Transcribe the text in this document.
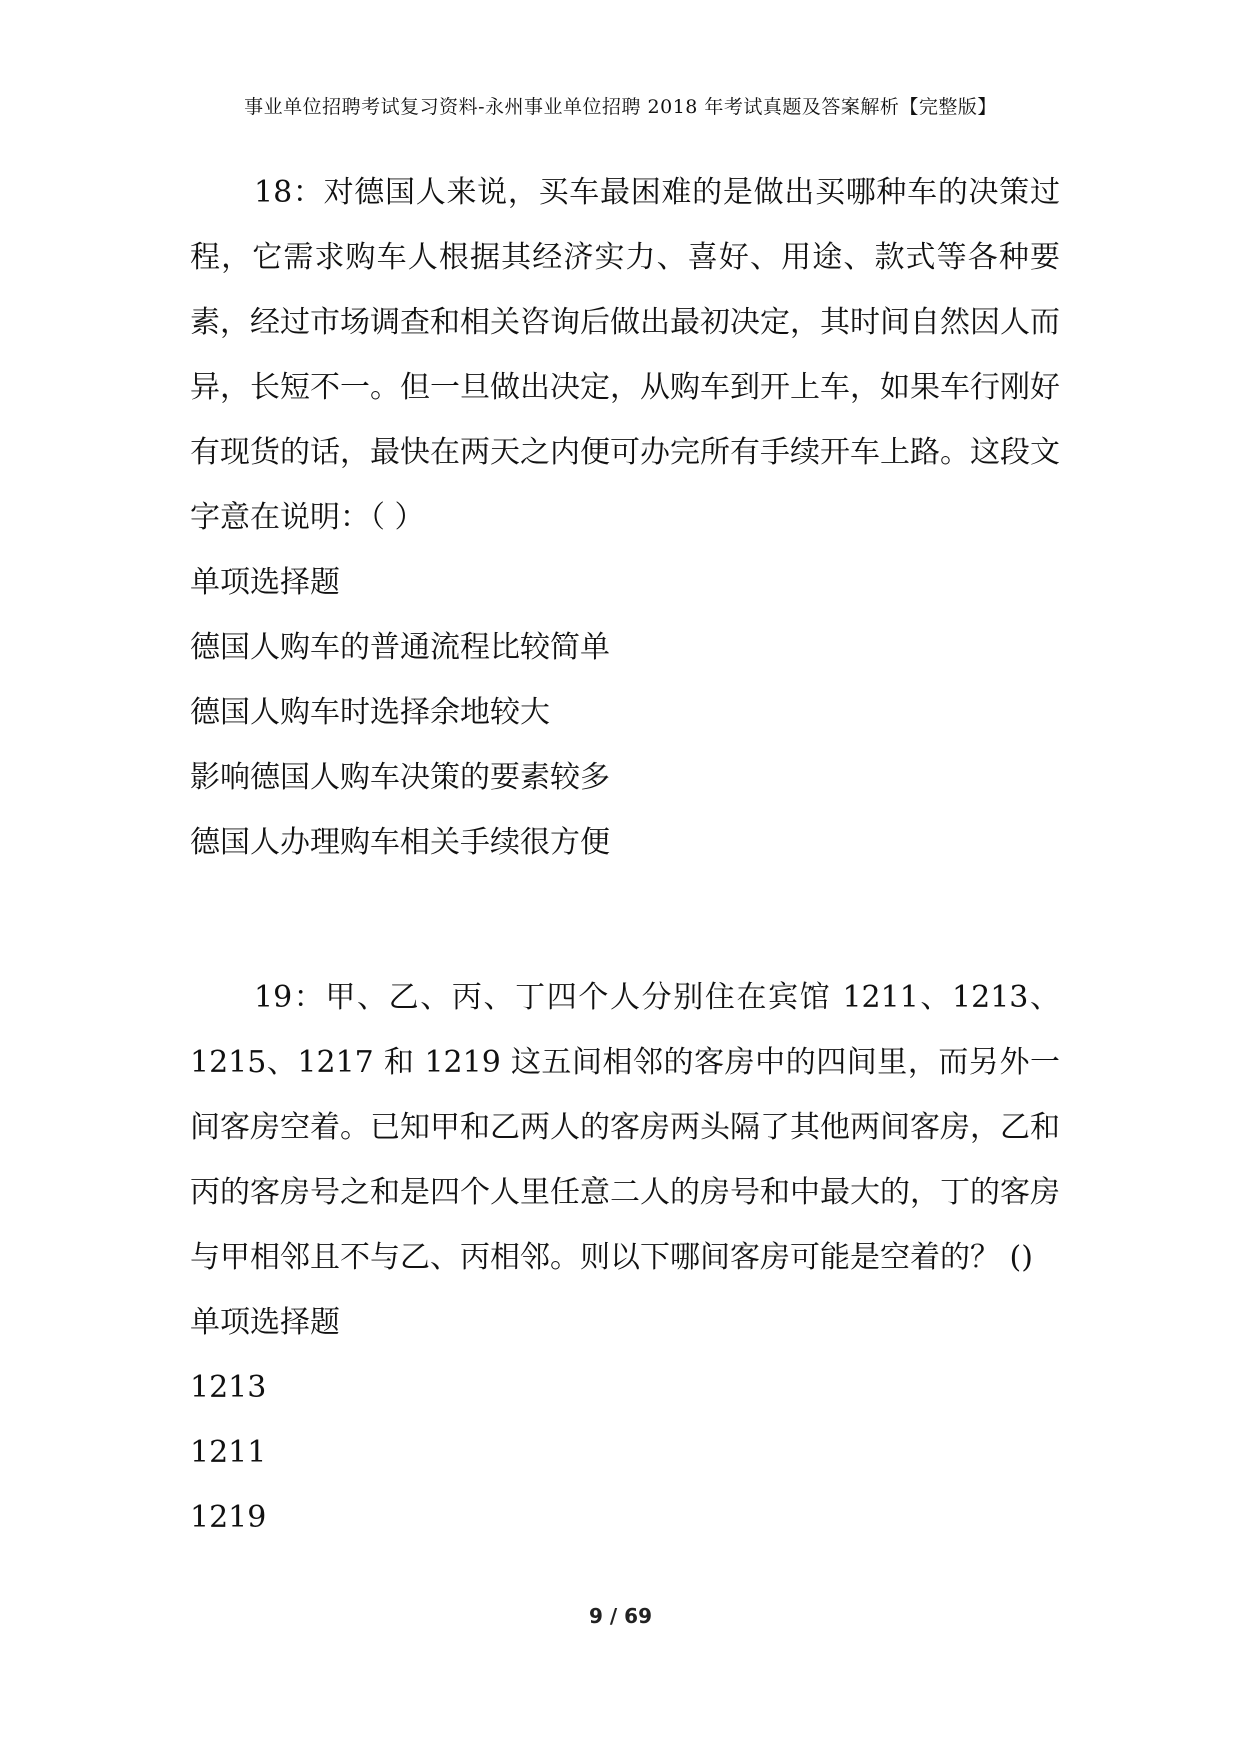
事业单位招聘考试复习资料-永州事业单位招聘 2018 年考试真题及答案解析【完整版】

18：对德国人来说，买车最困难的是做出买哪种车的决策过程，它需求购车人根据其经济实力、喜好、用途、款式等各种要素，经过市场调查和相关咨询后做出最初决定，其时间自然因人而异，长短不一。但一旦做出决定，从购车到开上车，如果车行刚好有现货的话，最快在两天之内便可办完所有手续开车上路。这段文字意在说明：（ ）

单项选择题

德国人购车的普通流程比较简单

德国人购车时选择余地较大

影响德国人购车决策的要素较多

德国人办理购车相关手续很方便

19：甲、乙、丙、丁四个人分别住在宾馆 1211、1213、1215、1217 和 1219 这五间相邻的客房中的四间里，而另外一间客房空着。已知甲和乙两人的客房两头隔了其他两间客房，乙和丙的客房号之和是四个人里任意二人的房号和中最大的，丁的客房与甲相邻且不与乙、丙相邻。则以下哪间客房可能是空着的？ ()

单项选择题

1213

1211

1219

9 / 69
